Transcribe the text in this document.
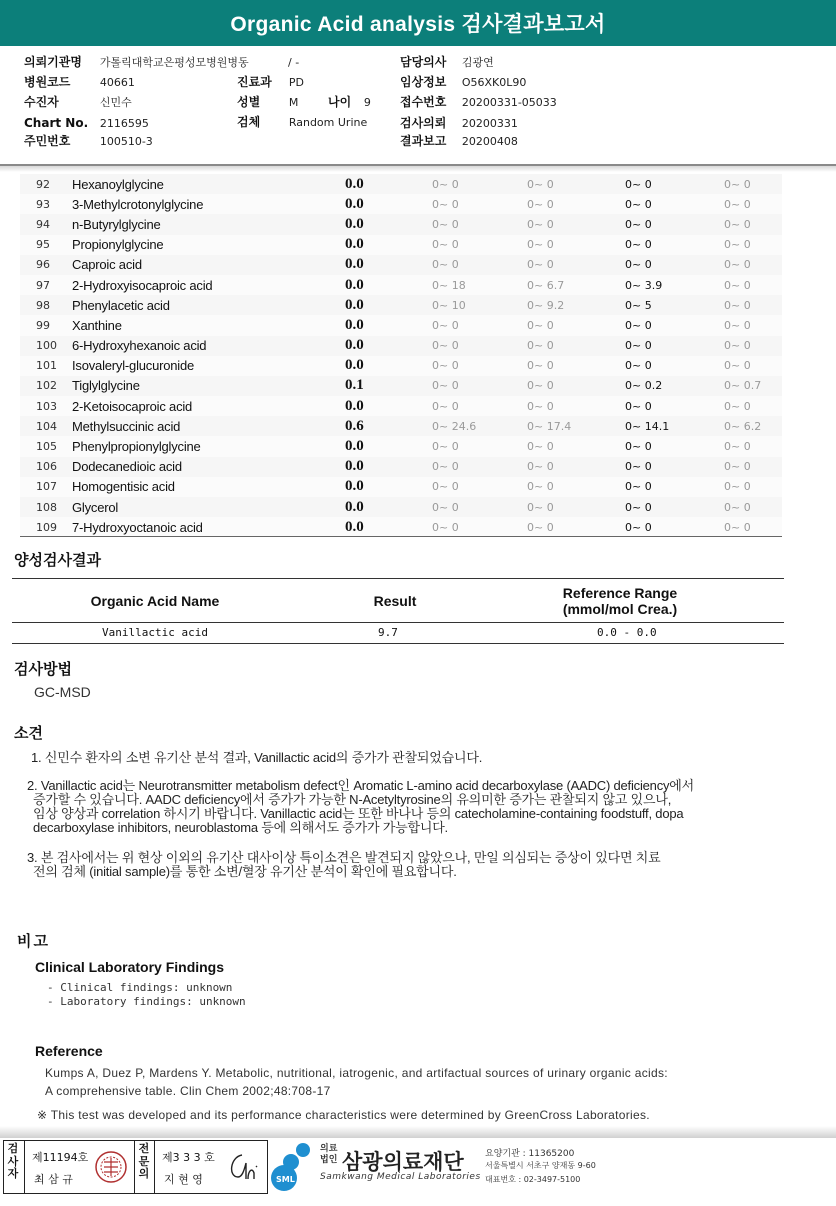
Organic Acid analysis 검사결과보고서
의뢰기관명 가톨릭대학교은평성모병원병동	/ -
병원코드	40661
수진자	신민수
Chart No. 2116595
주민번호	100510-3
진료과 PD
성별	M 나이 9
검체	Random Urine
담당의사 김광연
임상정보 O56XK0L90
접수번호 20200331-05033
검사의뢰 20200331
결과보고 20200408
92	Hexanoylglycine	0.0	0~ 0	0~ 0	0~ 0	0~ 0
93	3-Methylcrotonylglycine	0.0	0~ 0	0~ 0	0~ 0	0~ 0
94	n-Butyrylglycine	0.0	0~ 0	0~ 0	0~ 0	0~ 0
95	Propionylglycine	0.0	0~ 0	0~ 0	0~ 0	0~ 0
96	Caproic acid	0.0	0~ 0	0~ 0	0~ 0	0~ 0
97	2-Hydroxyisocaproic acid	0.0	0~ 18	0~ 6.7	0~ 3.9	0~ 0
98	Phenylacetic acid	0.0	0~ 10	0~ 9.2	0~ 5	0~ 0
99	Xanthine	0.0	0~ 0	0~ 0	0~ 0	0~ 0
100	6-Hydroxyhexanoic acid	0.0	0~ 0	0~ 0	0~ 0	0~ 0
101	Isovaleryl-glucuronide	0.0	0~ 0	0~ 0	0~ 0	0~ 0
102	Tiglylglycine	0.1	0~ 0	0~ 0	0~ 0.2	0~ 0.7
103	2-Ketoisocaproic acid	0.0	0~ 0	0~ 0	0~ 0	0~ 0
104	Methylsuccinic acid	0.6	0~ 24.6	0~ 17.4	0~ 14.1	0~ 6.2
105	Phenylpropionylglycine	0.0	0~ 0	0~ 0	0~ 0	0~ 0
106	Dodecanedioic acid	0.0	0~ 0	0~ 0	0~ 0	0~ 0
107	Homogentisic acid	0.0	0~ 0	0~ 0	0~ 0	0~ 0
108	Glycerol	0.0	0~ 0	0~ 0	0~ 0	0~ 0
109	7-Hydroxyoctanoic acid	0.0	0~ 0	0~ 0	0~ 0	0~ 0
양성검사결과
Organic Acid Name	Result	Reference Range
(mmol/mol Crea.)
Vanillactic acid	9.7	0.0 - 0.0
검사방법
GC-MSD
소견
1. 신민수 환자의 소변 유기산 분석 결과, Vanillactic acid의 증가가 관찰되었습니다.
2. Vanillactic acid는 Neurotransmitter metabolism defect인 Aromatic L-amino acid decarboxylase (AADC) deficiency에서
증가할 수 있습니다. AADC deficiency에서 증가가 가능한 N-Acetyltyrosine의 유의미한 증가는 관찰되지 않고 있으나,
임상 양상과 correlation 하시기 바랍니다. Vanillactic acid는 또한 바나나 등의 catecholamine-containing foodstuff, dopa
decarboxylase inhibitors, neuroblastoma 등에 의해서도 증가가 가능합니다.
3. 본 검사에서는 위 현상 이외의 유기산 대사이상 특이소견은 발견되지 않았으나, 만일 의심되는 증상이 있다면 치료
전의 검체 (initial sample)를 통한 소변/혈장 유기산 분석이 확인에 필요합니다.
비고
Clinical Laboratory Findings
- Clinical findings: unknown
- Laboratory findings: unknown
Reference
Kumps A, Duez P, Mardens Y. Metabolic, nutritional, iatrogenic, and artifactual sources of urinary organic acids:
A comprehensive table. Clin Chem 2002;48:708-17
※ This test was developed and its performance characteristics were determined by GreenCross Laboratories.
검사자
제11194호
최 삼 규
전문의
제3 3 3 호
지 현 영	SML
의료법인 삼광의료재단
Samkwang Medical Laboratories
요양기관 : 11365200
서울특별시 서초구 양재동 9-60
대표번호 : 02-3497-5100
